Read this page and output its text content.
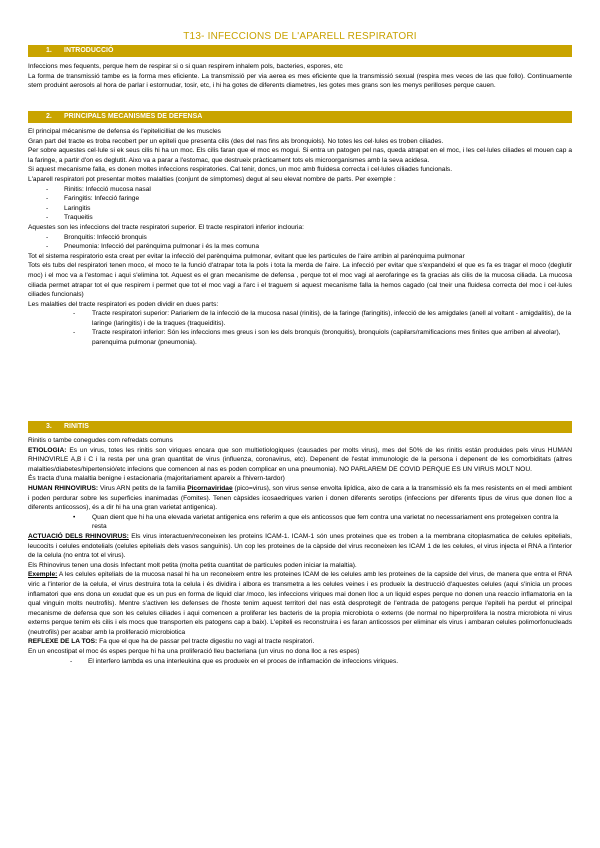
T13- INFECCIONS DE L'APARELL RESPIRATORI
1. INTRODUCCIÓ

Infeccions mes fequents, perque hem de respirar si o si quan respirem inhalem pols, bacteries, espores, etc

La forma de transmissió tambe es la forma mes eficiente. La transmissió per via aerea es mes eficiente que la transmissió sexual (respira mes veces de las que follo). Continuamente stem produint aerosols al hora de parlar i estornudar, tosir, etc, i hi ha gotes de diferents diametres, les gotes mes grans son les menys perilloses perque cauen.

2. PRINCIPALS MECANISMES DE DEFENSA

El principal mécanisme de defensa és l'epitelicilliat de les muscles

Gran part del tracte es troba recobert per un epiteli que presenta cilis (des del nas fins als bronquiols). No totes les cel·lules es troben ciliades.

Per sobre aquestes cel·lule si ek seus cilis hi ha un moc. Els cilis faran que el moc es mogui. Si entra un patogen pel nas, queda atrapat en el moc, i les cel·lules ciliades el mouen cap a la faringe, a partir d'on es deglutit. Aixo va a parar a l'estomac, que destrueix pràcticament tots els microorganismes amb la seva acidesa.

Si aquest mecanisme falla, es donen moltes infeccions respiratories. Cal tenir, doncs, un moc amb fluidesa correcta i cel·lules ciliades funcionals.

L'aparell respiratori pot presentar moltes malalties (conjunt de símptomes) degut al seu elevat nombre de parts. Per exemple :

- Rinitis: Infecció mucosa nasal
- Faringitis: Infecció faringe
- Laringitis
- Traqueitis

Aquestes son les infeccions del tracte respiratori superior. El tracte respiratori inferior inclouria:

- Bronquitis: Infecció bronquis
- Pneumonia: Infecció del parénquima pulmonar i és la mes comuna

Tot el sistema respiratorio esta creat per evitar la infecció del parènquima pulmonar, evitant que les particules de l'aire arribin al parénquima pulmonar

Tots els tubs del respiratori tenen moco, el moco te la funció d'atrapar tota la pols i tota la merda de l'aire. La infecció per evitar que s'expandeixi el que es fa es tragar el moco (deglutir moc) i el moc va a l'estomac i aqui s'elimina tot. Aquest es el gran mecanisme de defensa , perque tot el moc vagi al aerofaringe es fa gracias als cilis de la mucosa ciliada. La mucosa ciliada permet atrapar tot el que respirem i permet que tot el moc vagi a l'arc i el traguem si aquest mecanisme falla la hemos cagado (cal tneir una fluidesa correcta del moc i cel·lules ciliades funcionals)

Les malalties del tracte respiratori es poden dividir en dues parts:

- Tracte respiratori superior: Pariariem de la infecció de la mucosa nasal (rinitis), de la faringe (faringitis), infecció de les amigdales (anell al voltant - amigdalitis), de la laringe (laringitis) i de la traques (traqueiditis).
- Tracte respiratori inferior: Són les infeccions mes greus i son les dels bronquis (bronquitis), bronquiols (capilars/ramificacions mes finites que arriben al alveolar), parenquima pulmonar (pneumonia).
3. RINITIS

Rinitis o tambe conegudes com refredats comuns

ETIOLOGIA: Es un virus, totes les rinitis son viriques encara que son multietiologiques (causades per molts virus), mes del 50% de les rinitis están produides pels virus HUMAN RHINOVIRLE A,B i C i la resta per una gran quantitat de virus (influenza, coronavirus, etc). Depenent de l'estat immunologic de la persona i depenent de les comorbiditats (altres malalties/diabetes/hipertensió/etc infecions que comencen al nas es poden complicar en una pneumonia). NO PARLAREM DE COVID PERQUE ES UN VIRUS MOLT NOU.

És tracta d'una malaltia benigne i estacionaria (majoritariament apareix a l'hivern-tardor)

HUMAN RHINOVIRUS: Virus ARN petits de la familia Picornaviridae (pico=virus), son virus sense envolta lipídica, aixo de cara a la transmissió els fa mes resistents en el medi ambient i poden perdurar sobre les superficies inanimadas (Fomites). Tenen càpsides icosaedriques varien i donen diferents serotips (infeccions per diferents tipus de virus que donen lloc a diferents anticossos), és a dir hi ha una gran varietat antigenica).

• Quan dient que hi ha una elevada varietat antigenica ens referim a que els anticossos que fem contra una varietat no necessariament ens protegeixen contra la resta

ACTUACIÓ DELS RHINOVIRUS: Els virus interactuen/reconeixen les proteins ICAM-1. ICAM-1 són unes proteines que es troben a la membrana citoplasmatica de celules epitelials, leucocits i celules endotelials (celules epitelials dels vasos sanguinis). Un cop les proteines de la càpside del virus reconeixen les ICAM 1 de les celules, el virus injecta el RNA a l'interior de la celula (no entra tot el virus).

Els Rhinovirus tenen una dosis Infectant molt petita (molta petita cuantitat de particules poden iniciar la malaltia).

Exemple: A les celules epitelials de la mucosa nasal hi ha un reconeixem entre les proteines ICAM de les celules amb les proteines de la capside del virus, de manera que entra el RNA viric a l'interior de la celula, el virus destruira tota la celula i és dividira i albora es transmetra a les celules veines i es produeix la destrucció d'aquestes celules (aqui s'inicia un proces inflamatori que ens dona un exudat que es un pus en forma de liquid clar /moco, les infeccions viriques mai donen lloc a un liquid espes perque no donen una reaccio inflamatoria en la qual vinguin molts neutrofils). Mentre s'activen les defenses de l'hoste tenim aquest territori del nas està desprotegit de l'entrada de patogens perque l'epiteli ha perdut el principal mecanisme de defensa que son les celules ciliades i aqui comencen a proliferar les bacteris de la propia microbiota o externs (de normal no hiperprolifera la nostra microbiota ni virus externs perque tenim els cilis i els mocs que transporten els patogens cap a baix). L'epiteli es reconstruira i es faran anticossos per eliminar els virus i ambaran celules polimorfonucleads (neutrofils) per acabar amb la proliferació microbiotica

REFLEXE DE LA TOS: Fa que el que ha de passar pel tracte digestiu no vagi al tracte respiratori.

En un encostipat el moc és espes perque hi ha una proliferació lleu bacteriana (un virus no dona lloc a res espes)

- El interfero lambda es una interleukina que es produeix en el proces de inflamación de infeccions viriques.
